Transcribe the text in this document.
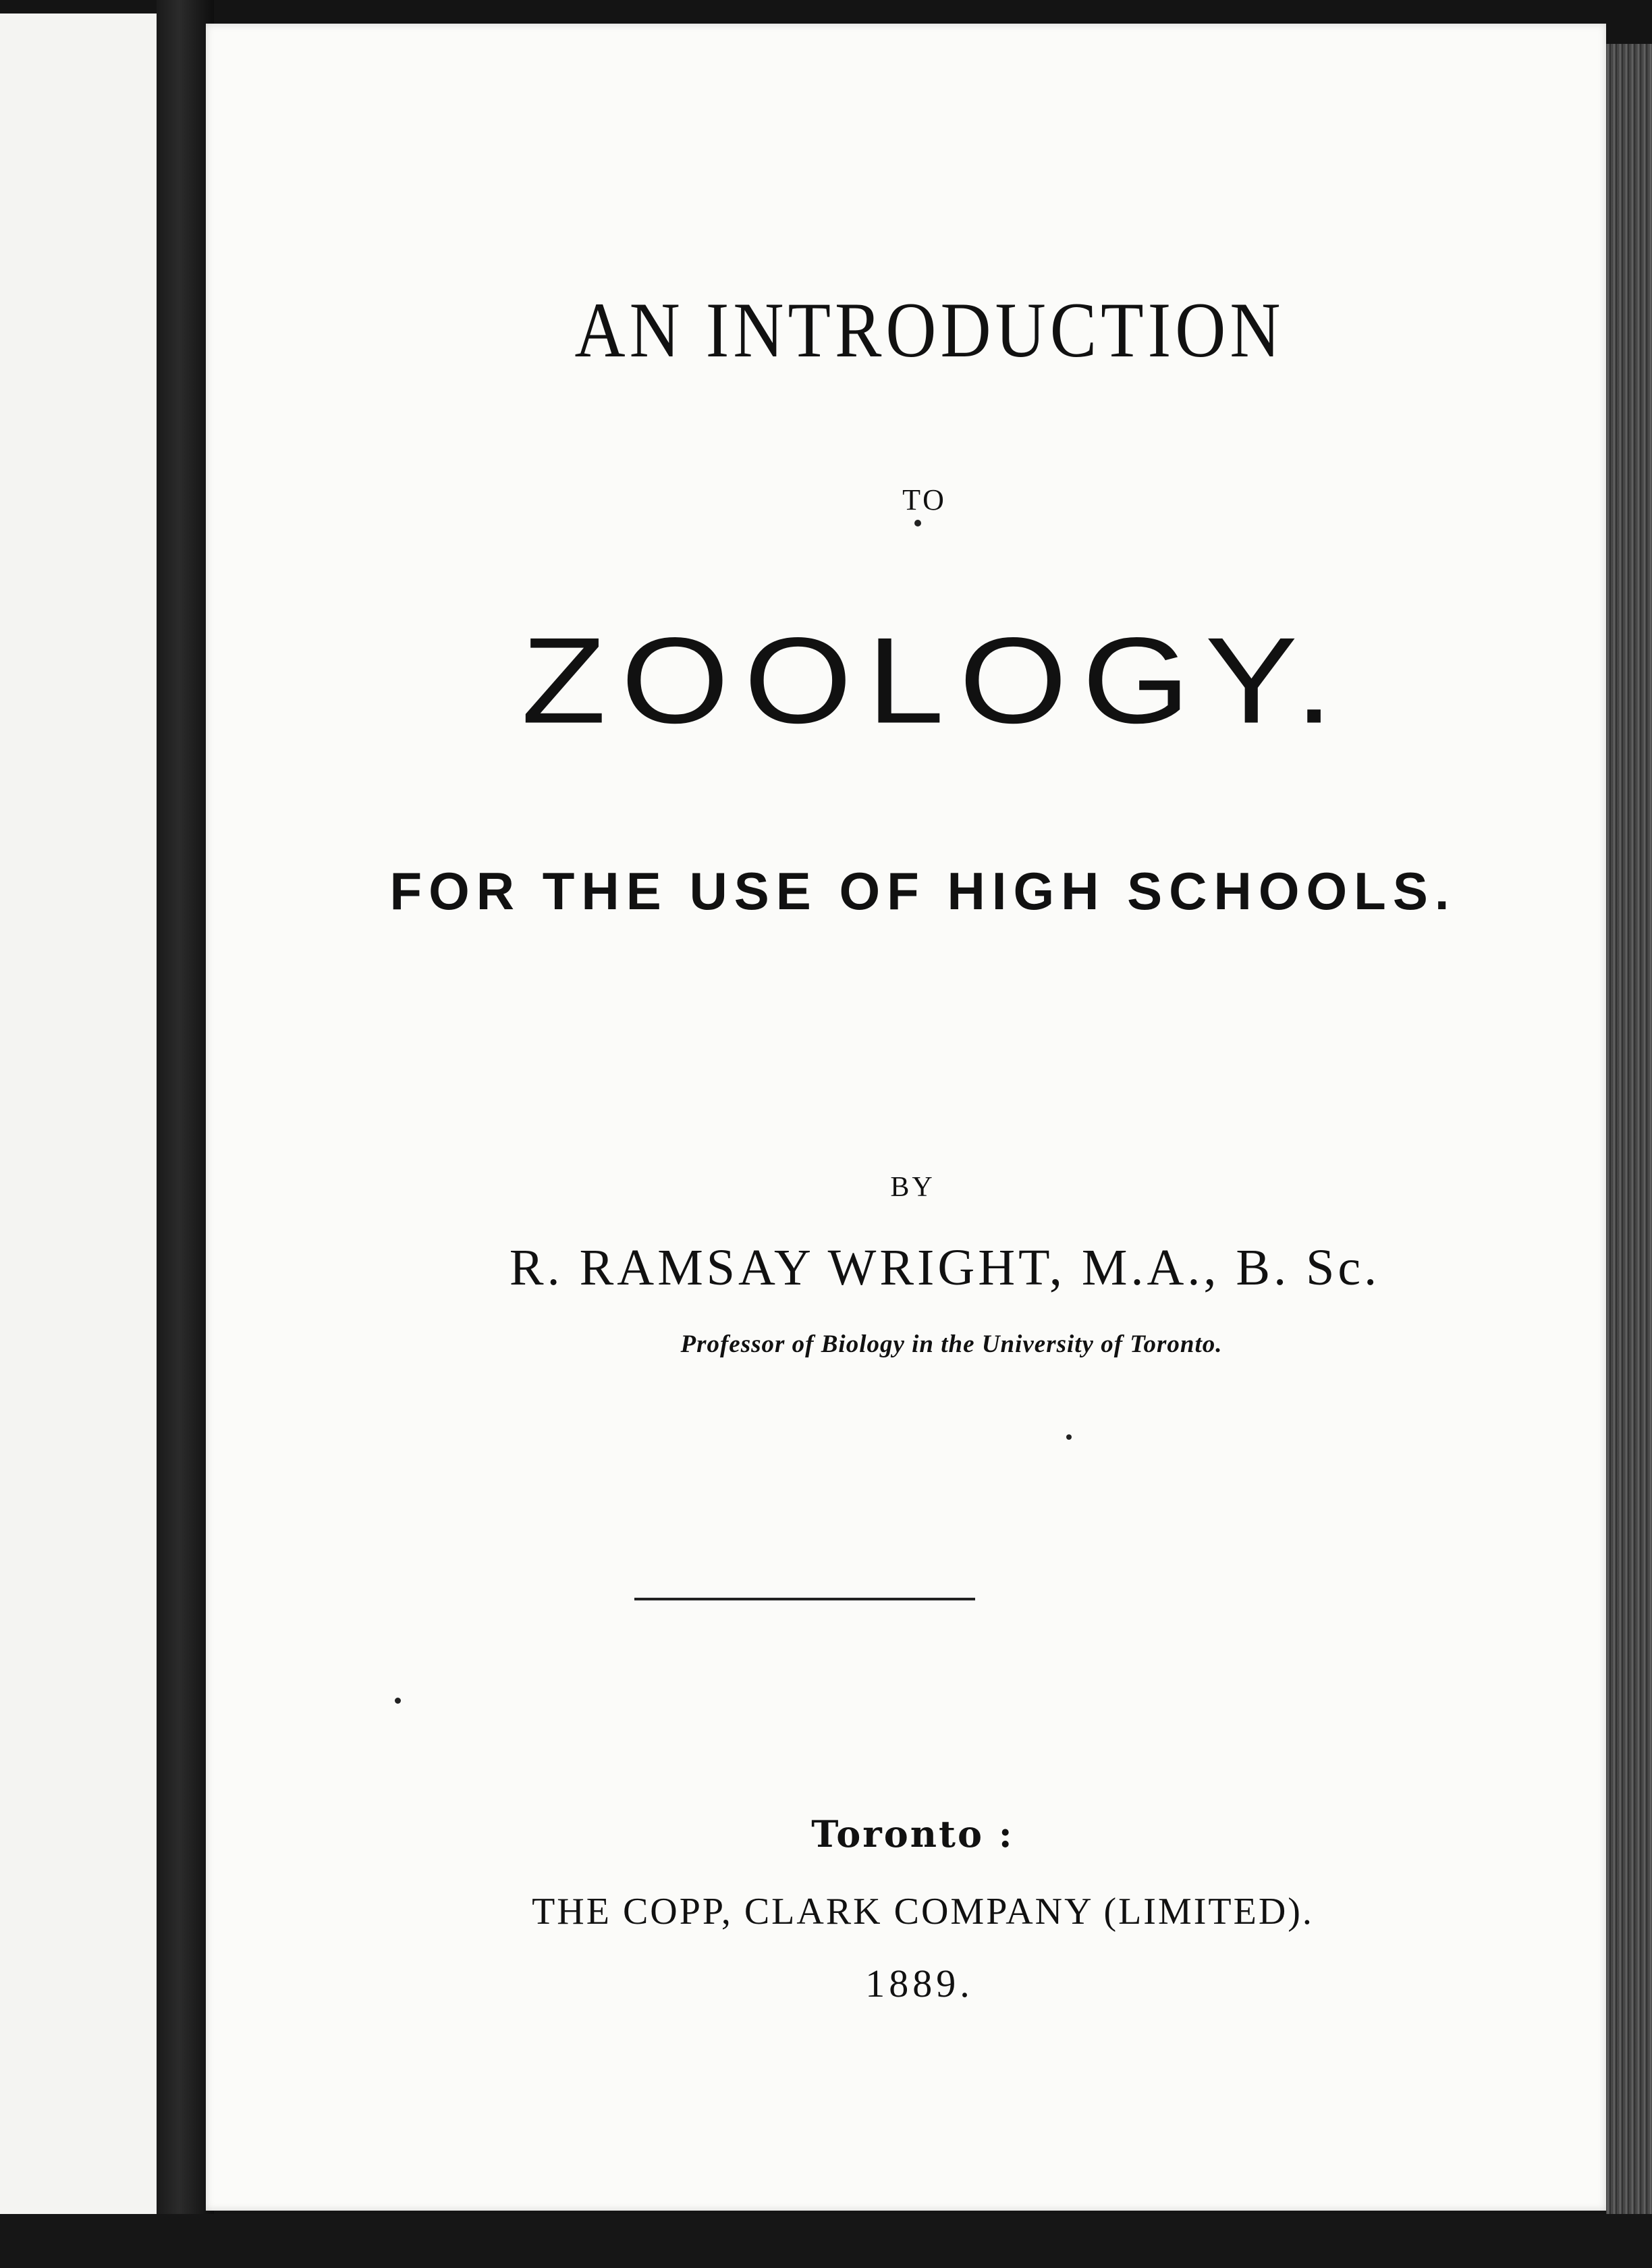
AN INTRODUCTION
TO
ZOOLOGY.
FOR THE USE OF HIGH SCHOOLS.
BY
R. RAMSAY WRIGHT, M.A., B. Sc.
Professor of Biology in the University of Toronto.
Toronto :
THE COPP, CLARK COMPANY (LIMITED).
1889.
